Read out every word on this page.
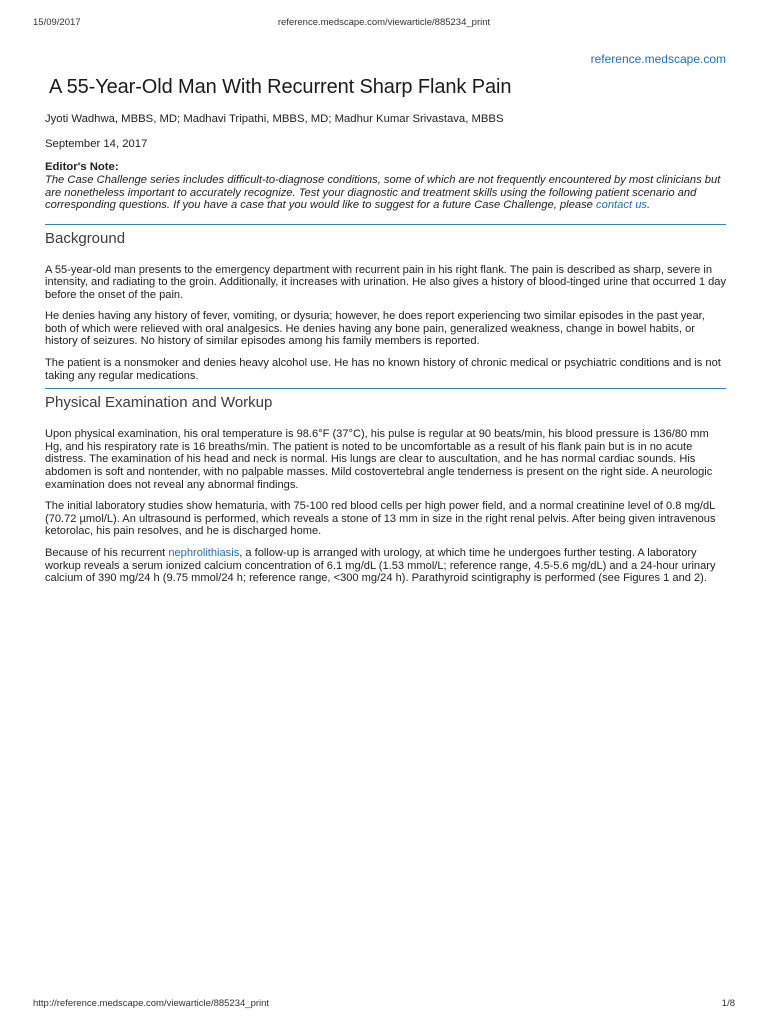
15/09/2017	reference.medscape.com/viewarticle/885234_print
reference.medscape.com
A 55-Year-Old Man With Recurrent Sharp Flank Pain
Jyoti Wadhwa, MBBS, MD; Madhavi Tripathi, MBBS, MD; Madhur Kumar Srivastava, MBBS
September 14, 2017
Editor's Note:
The Case Challenge series includes difficult-to-diagnose conditions, some of which are not frequently encountered by most clinicians but are nonetheless important to accurately recognize. Test your diagnostic and treatment skills using the following patient scenario and corresponding questions. If you have a case that you would like to suggest for a future Case Challenge, please contact us.
Background

A 55-year-old man presents to the emergency department with recurrent pain in his right flank. The pain is described as sharp, severe in intensity, and radiating to the groin. Additionally, it increases with urination. He also gives a history of blood-tinged urine that occurred 1 day before the onset of the pain.

He denies having any history of fever, vomiting, or dysuria; however, he does report experiencing two similar episodes in the past year, both of which were relieved with oral analgesics. He denies having any bone pain, generalized weakness, change in bowel habits, or history of seizures. No history of similar episodes among his family members is reported.

The patient is a nonsmoker and denies heavy alcohol use. He has no known history of chronic medical or psychiatric conditions and is not taking any regular medications.

Physical Examination and Workup

Upon physical examination, his oral temperature is 98.6°F (37°C), his pulse is regular at 90 beats/min, his blood pressure is 136/80 mm Hg, and his respiratory rate is 16 breaths/min. The patient is noted to be uncomfortable as a result of his flank pain but is in no acute distress. The examination of his head and neck is normal. His lungs are clear to auscultation, and he has normal cardiac sounds. His abdomen is soft and nontender, with no palpable masses. Mild costovertebral angle tenderness is present on the right side. A neurologic examination does not reveal any abnormal findings.

The initial laboratory studies show hematuria, with 75-100 red blood cells per high power field, and a normal creatinine level of 0.8 mg/dL (70.72 µmol/L). An ultrasound is performed, which reveals a stone of 13 mm in size in the right renal pelvis. After being given intravenous ketorolac, his pain resolves, and he is discharged home.

Because of his recurrent nephrolithiasis, a follow-up is arranged with urology, at which time he undergoes further testing. A laboratory workup reveals a serum ionized calcium concentration of 6.1 mg/dL (1.53 mmol/L; reference range, 4.5-5.6 mg/dL) and a 24-hour urinary calcium of 390 mg/24 h (9.75 mmol/24 h; reference range, <300 mg/24 h). Parathyroid scintigraphy is performed (see Figures 1 and 2).

http://reference.medscape.com/viewarticle/885234_print	1/8
